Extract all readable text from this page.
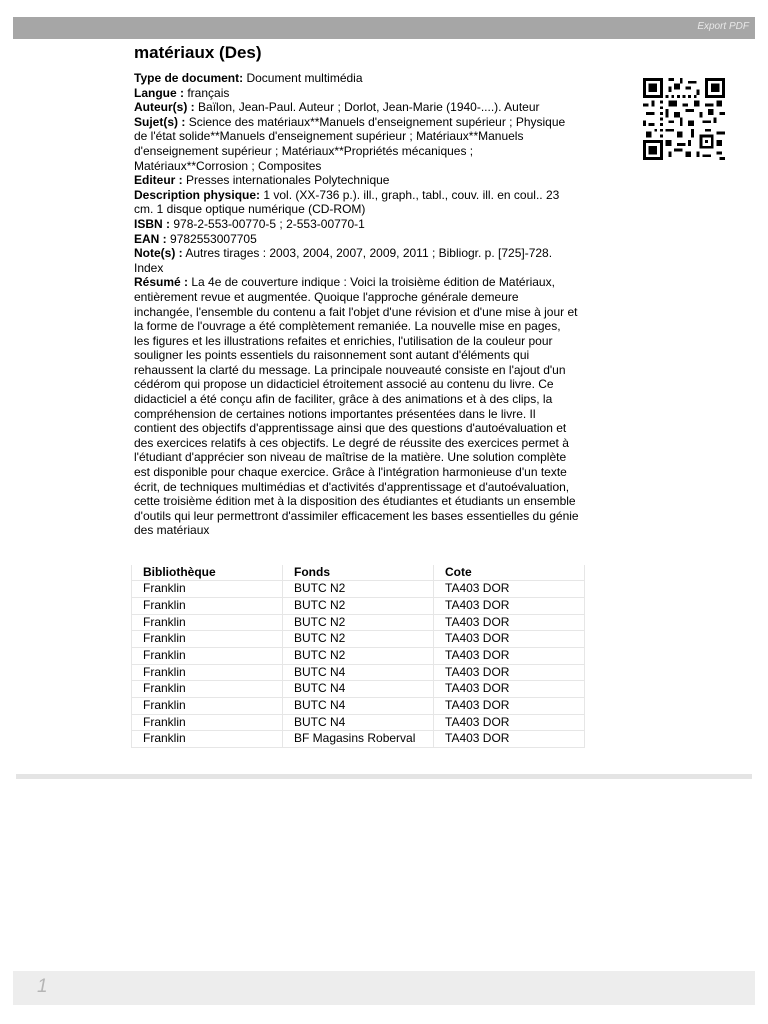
Export PDF
matériaux (Des)

Type de document: Document multimédia

Langue : français

Auteur(s) : Baïlon, Jean-Paul. Auteur ; Dorlot, Jean-Marie (1940-....). Auteur

Sujet(s) : Science des matériaux**Manuels d'enseignement supérieur ; Physique de l'état solide**Manuels d'enseignement supérieur ; Matériaux**Manuels d'enseignement supérieur ; Matériaux**Propriétés mécaniques ; Matériaux**Corrosion ; Composites

Editeur : Presses internationales Polytechnique

Description physique: 1 vol. (XX-736 p.). ill., graph., tabl., couv. ill. en coul.. 23 cm. 1 disque optique numérique (CD-ROM)

ISBN : 978-2-553-00770-5 ; 2-553-00770-1

EAN : 9782553007705

Note(s) : Autres tirages : 2003, 2004, 2007, 2009, 2011 ; Bibliogr. p. [725]-728. Index

Résumé : La 4e de couverture indique : Voici la troisième édition de Matériaux, entièrement revue et augmentée. Quoique l'approche générale demeure inchangée, l'ensemble du contenu a fait l'objet d'une révision et d'une mise à jour et la forme de l'ouvrage a été complètement remaniée. La nouvelle mise en pages, les figures et les illustrations refaites et enrichies, l'utilisation de la couleur pour souligner les points essentiels du raisonnement sont autant d'éléments qui rehaussent la clarté du message. La principale nouveauté consiste en l'ajout d'un cédérom qui propose un didacticiel étroitement associé au contenu du livre. Ce didacticiel a été conçu afin de faciliter, grâce à des animations et à des clips, la compréhension de certaines notions importantes présentées dans le livre. Il contient des objectifs d'apprentissage ainsi que des questions d'autoévaluation et des exercices relatifs à ces objectifs. Le degré de réussite des exercices permet à l'étudiant d'apprécier son niveau de maîtrise de la matière. Une solution complète est disponible pour chaque exercice. Grâce à l'intégration harmonieuse d'un texte écrit, de techniques multimédias et d'activités d'apprentissage et d'autoévaluation, cette troisième édition met à la disposition des étudiantes et étudiants un ensemble d'outils qui leur permettront d'assimiler efficacement les bases essentielles du génie des matériaux

Bibliothèque	Fonds	Cote
Franklin	BUTC N2	TA403 DOR
Franklin	BUTC N2	TA403 DOR
Franklin	BUTC N2	TA403 DOR
Franklin	BUTC N2	TA403 DOR
Franklin	BUTC N2	TA403 DOR
Franklin	BUTC N4	TA403 DOR
Franklin	BUTC N4	TA403 DOR
Franklin	BUTC N4	TA403 DOR
Franklin	BUTC N4	TA403 DOR
Franklin	BF Magasins Roberval	TA403 DOR
1
